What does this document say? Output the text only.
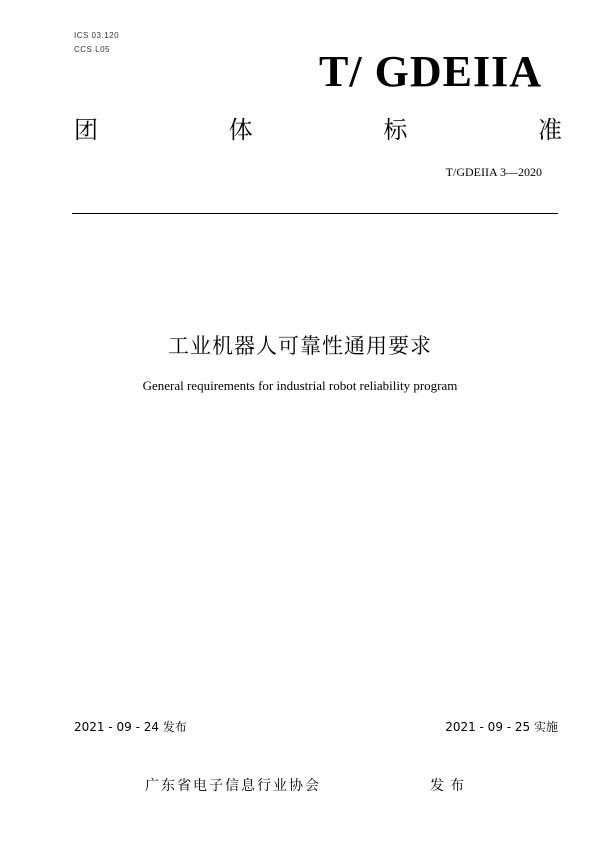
ICS 03.120
CCS L05	T/ GDEIIA
团	体	标	准
T/GDEIIA 3—2020
工业机器人可靠性通用要求
General requirements for industrial robot reliability program
2021 - 09 - 24 发布	2021 - 09 - 25 实施
广东省电子信息行业协会	发布
